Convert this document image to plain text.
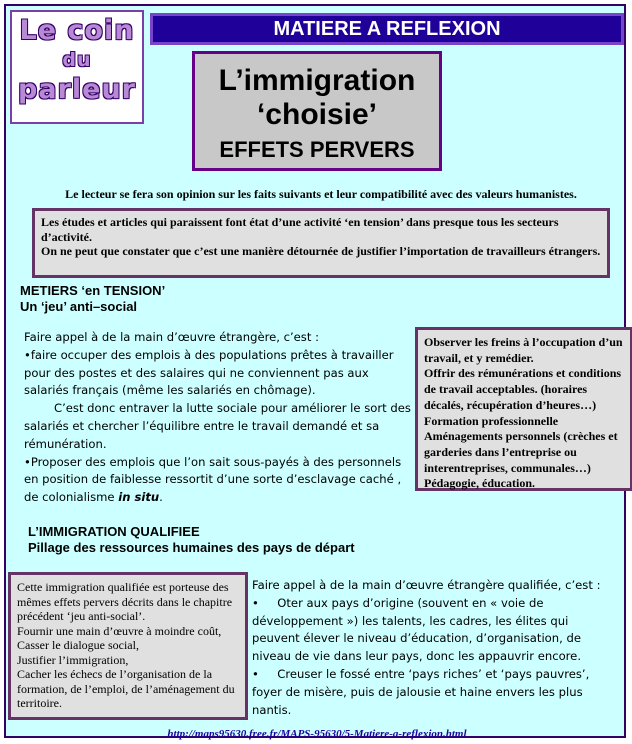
Le coin
du
parleur
MATIERE A REFLEXION
L’immigration
‘choisie’
EFFETS PERVERS
Le lecteur se fera son opinion sur les faits suivants et leur compatibilité avec des valeurs humanistes.

Les études et articles qui paraissent font état d’une activité ‘en tension’ dans presque tous les secteurs d’activité.

On ne peut que constater que c’est une manière détournée de justifier l’importation de travailleurs étrangers.

METIERS ‘en TENSION’
Un ‘jeu’ anti–social

Faire appel à de la main d’œuvre étrangère, c’est :

•faire occuper des emplois à des populations prêtes à travailler pour des postes et des salaires qui ne conviennent pas aux salariés français (même les salariés en chômage).

C’est donc entraver la lutte sociale pour améliorer le sort des salariés et chercher l’équilibre entre le travail demandé et sa rémunération.

•Proposer des emplois que l’on sait sous-payés à des personnels en position de faiblesse ressortit d’une sorte d’esclavage caché , de colonialisme in situ.

Observer les freins à l’occupation d’un travail, et y remédier.

Offrir des rémunérations et conditions de travail acceptables. (horaires décalés, récupération d’heures…)

Formation professionnelle

Aménagements personnels (crèches et garderies dans l’entreprise ou interentreprises, communales…)

Pédagogie, éducation.

L’IMMIGRATION QUALIFIEE
Pillage des ressources humaines des pays de départ

Cette immigration qualifiée est porteuse des mêmes effets pervers décrits dans le chapitre précédent ‘jeu anti-social’.

Fournir une main d’œuvre à moindre coût,

Casser le dialogue social,

Justifier l’immigration,

Cacher les échecs de l’organisation de la formation, de l’emploi, de l’aménagement du territoire.

Faire appel à de la main d’œuvre étrangère qualifiée, c’est :

•     Oter aux pays d’origine (souvent en « voie de développement ») les talents, les cadres, les élites qui peuvent élever le niveau d’éducation, d’organisation, de niveau de vie dans leur pays, donc les appauvrir encore.

•     Creuser le fossé entre ‘pays riches’ et ‘pays pauvres’, foyer de misère, puis de jalousie et haine envers les plus nantis.

http://maps95630.free.fr/MAPS-95630/5-Matiere-a-reflexion.html
